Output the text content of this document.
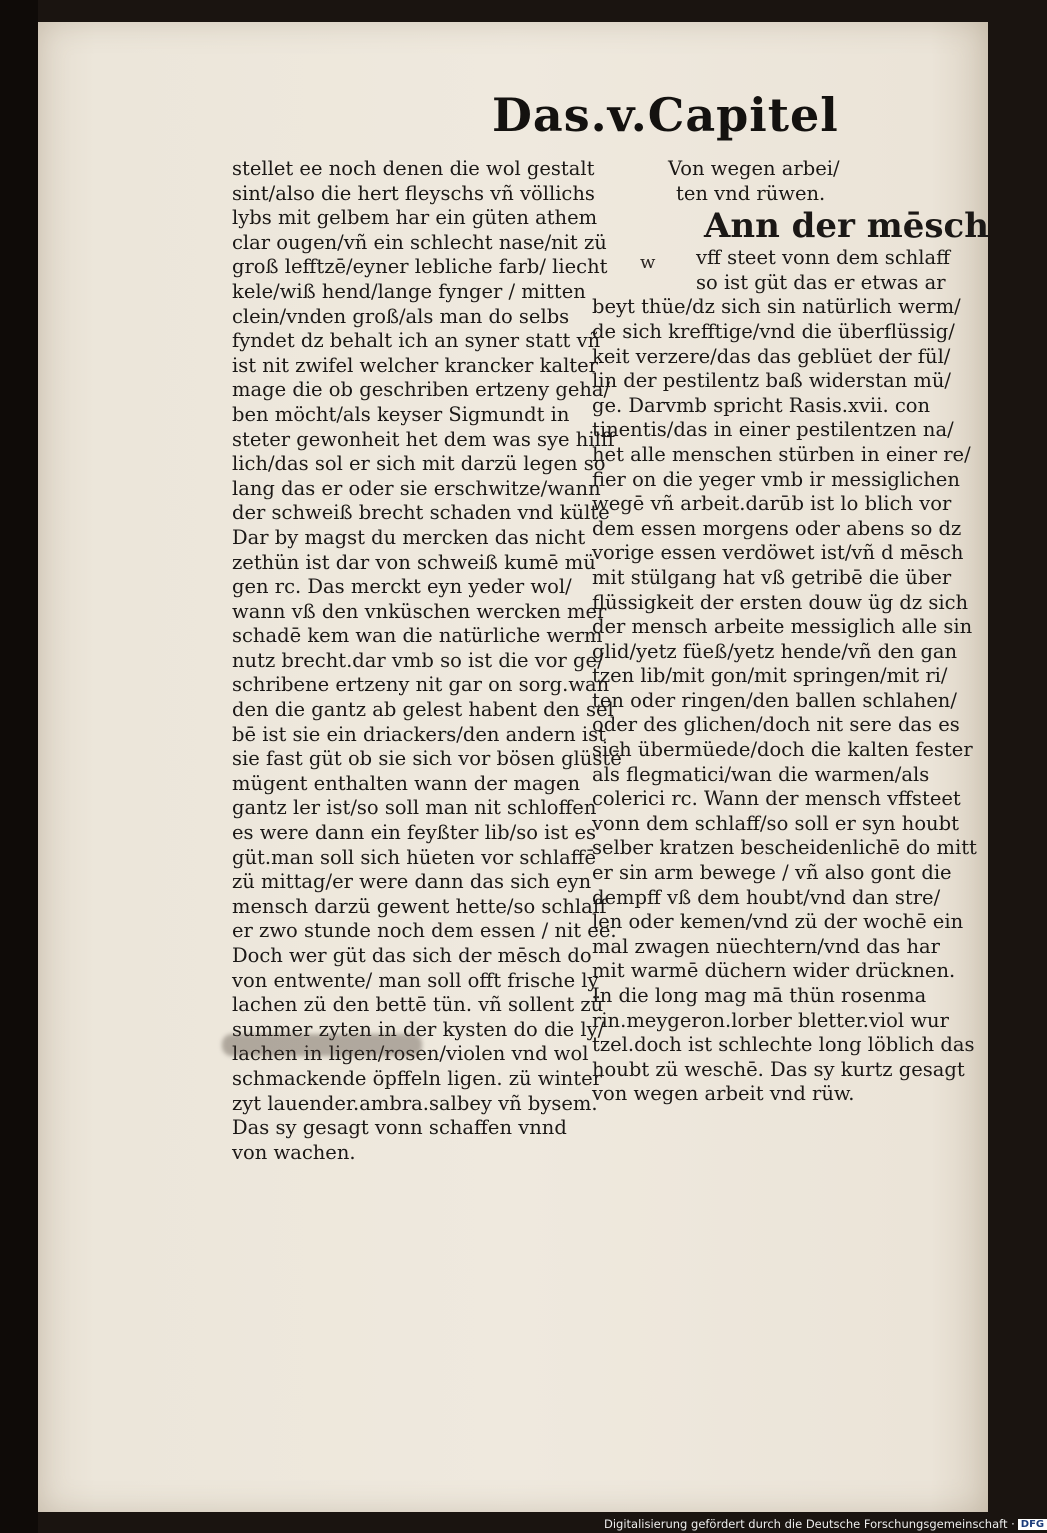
Das.v.Capitel
stellet ee noch denen die wol gestalt
sint/also die hert fleyschs vñ völlichs
lybs mit gelbem har ein güten athem
clar ougen/vñ ein schlecht nase/nit zü
groß lefftzē/eyner lebliche farb/ liecht
kele/wiß hend/lange fynger / mitten
clein/vnden groß/als man do selbs
fyndet dz behalt ich an syner statt vñ
ist nit zwifel welcher krancker kalter
mage die ob geschriben ertzeny geha/
ben möcht/als keyser Sigmundt in
steter gewonheit het dem was sye hilff
lich/das sol er sich mit darzü legen so
lang das er oder sie erschwitze/wann
der schweiß brecht schaden vnd külte
Dar by magst du mercken das nicht
zethün ist dar von schweiß kumē mü
gen rc. Das merckt eyn yeder wol/
wann vß den vnküschen wercken mer
schadē kem wan die natürliche werm
nutz brecht.dar vmb so ist die vor ge/
schribene ertzeny nit gar on sorg.wan
den die gantz ab gelest habent den sel
bē ist sie ein driackers/den andern ist
sie fast güt ob sie sich vor bösen glüstē
mügent enthalten wann der magen
gantz ler ist/so soll man nit schloffen
es were dann ein feyßter lib/so ist es
güt.man soll sich hüeten vor schlaffē
zü mittag/er were dann das sich eyn
mensch darzü gewent hette/so schlaff
er zwo stunde noch dem essen / nit ee.
Doch wer güt das sich der mēsch do
von entwente/ man soll offt frische ly
lachen zü den bettē tün. vñ sollent zü
summer zyten in der kysten do die ly/
lachen in ligen/rosen/violen vnd wol
schmackende öpffeln ligen. zü winter
zyt lauender.ambra.salbey vñ bysem.
Das sy gesagt vonn schaffen vnnd
von wachen.
w
Von wegen arbei/
ten vnd rüwen.
Ann der mēsch
vff steet vonn dem schlaff
so ist güt das er etwas ar
beyt thüe/dz sich sin natürlich werm/
de sich krefftige/vnd die überflüssig/
keit verzere/das das geblüet der fül/
lin der pestilentz baß widerstan mü/
ge. Darvmb spricht Rasis.xvii. con
tinentis/das in einer pestilentzen na/
het alle menschen stürben in einer re/
fier on die yeger vmb ir messiglichen
wegē vñ arbeit.darūb ist lo blich vor
dem essen morgens oder abens so dz
vorige essen verdöwet ist/vñ d mēsch
mit stülgang hat vß getribē die über
flüssigkeit der ersten douw üg dz sich
der mensch arbeite messiglich alle sin
glid/yetz füeß/yetz hende/vñ den gan
tzen lib/mit gon/mit springen/mit ri/
ten oder ringen/den ballen schlahen/
oder des glichen/doch nit sere das es
sich übermüede/doch die kalten fester
als flegmatici/wan die warmen/als
colerici rc. Wann der mensch vffsteet
vonn dem schlaff/so soll er syn houbt
selber kratzen bescheidenlichē do mitt
er sin arm bewege / vñ also gont die
dempff vß dem houbt/vnd dan stre/
len oder kemen/vnd zü der wochē ein
mal zwagen nüechtern/vnd das har
mit warmē düchern wider drücknen.
In die long mag mā thün rosenma
rin.meygeron.lorber bletter.viol wur
tzel.doch ist schlechte long löblich das
houbt zü weschē. Das sy kurtz gesagt
von wegen arbeit vnd rüw.
Digitalisierung gefördert durch die Deutsche Forschungsgemeinschaft · DFG
